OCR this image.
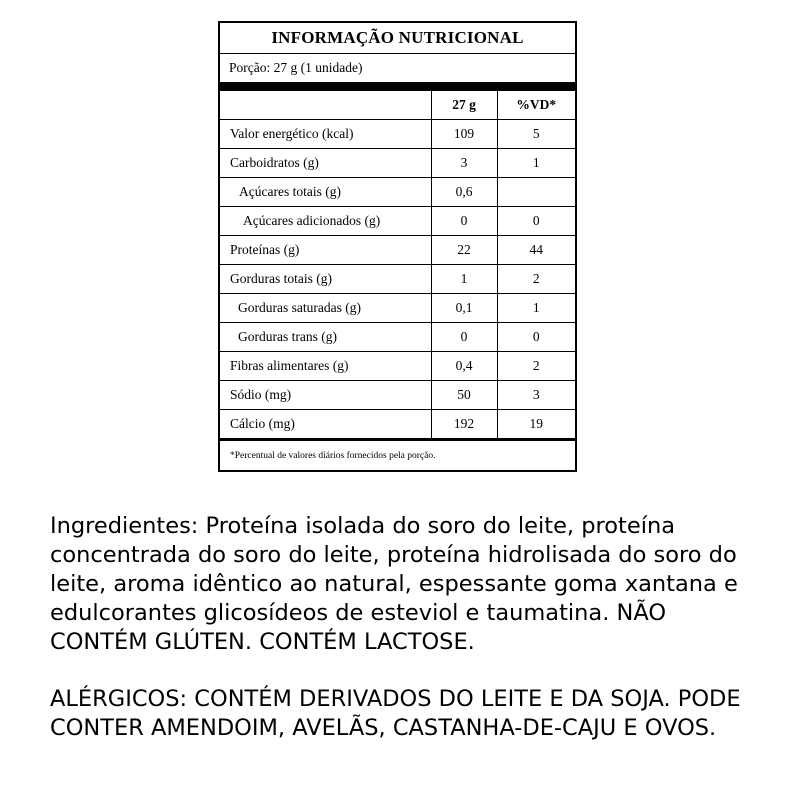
INFORMAÇÃO NUTRICIONAL
Porção: 27 g (1 unidade)
	27 g	%VD*
Valor energético (kcal)	109	5
Carboidratos (g)	3	1
Açúcares totais (g)	0,6	
Açúcares adicionados (g)	0	0
Proteínas (g)	22	44
Gorduras totais (g)	1	2
Gorduras saturadas (g)	0,1	1
Gorduras trans (g)	0	0
Fibras alimentares (g)	0,4	2
Sódio (mg)	50	3
Cálcio (mg)	192	19
*Percentual de valores diários fornecidos pela porção.

Ingredientes: Proteína isolada do soro do leite, proteína concentrada do soro do leite, proteína hidrolisada do soro do leite, aroma idêntico ao natural, espessante goma xantana e edulcorantes glicosídeos de esteviol e taumatina. NÃO CONTÉM GLÚTEN. CONTÉM LACTOSE.

ALÉRGICOS: CONTÉM DERIVADOS DO LEITE E DA SOJA. PODE CONTER AMENDOIM, AVELÃS, CASTANHA-DE-CAJU E OVOS.
